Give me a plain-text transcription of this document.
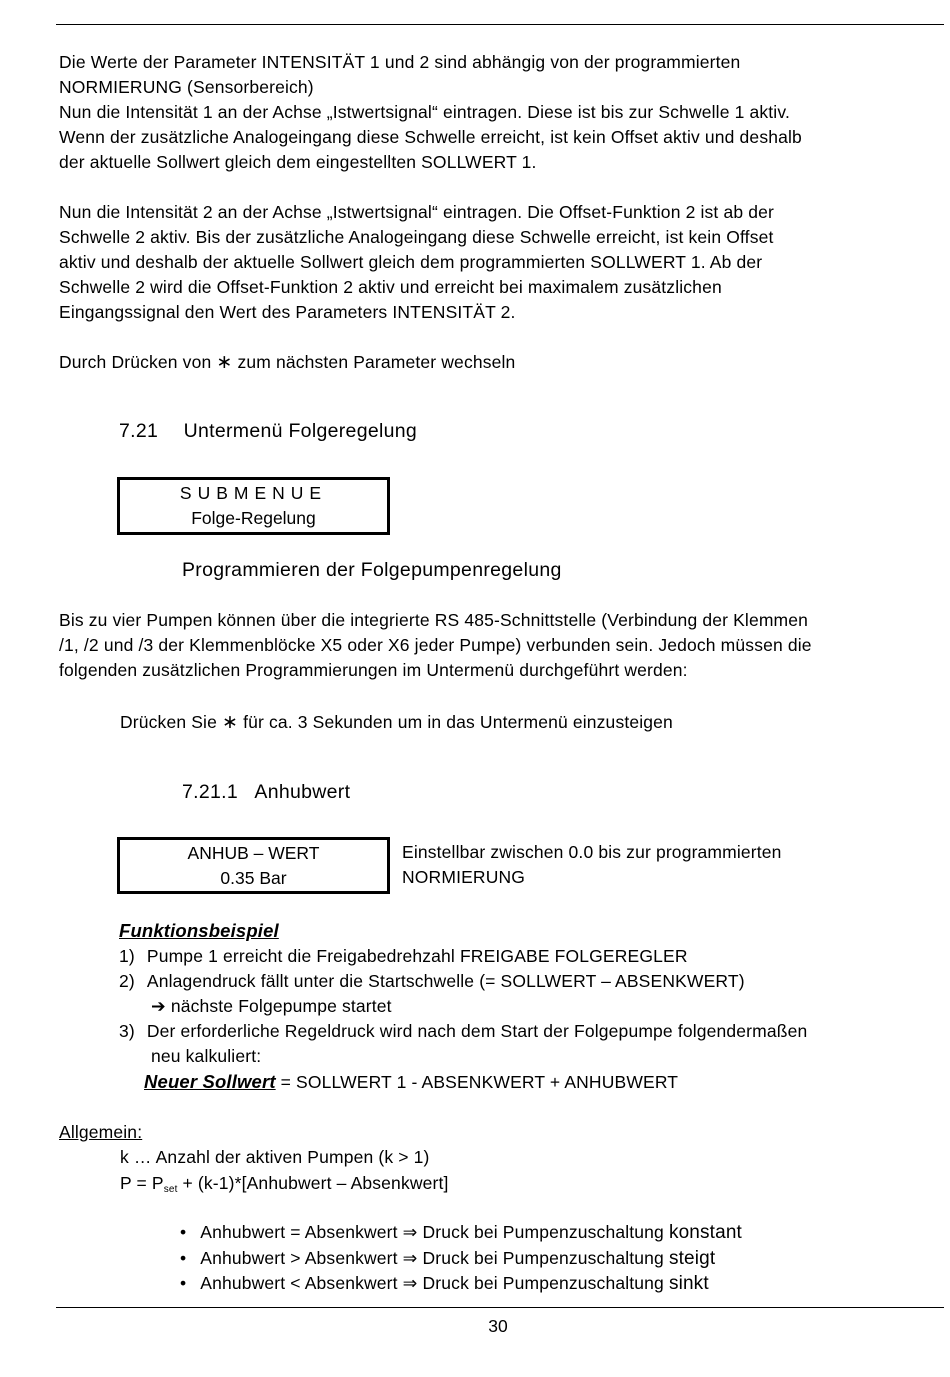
Die Werte der Parameter INTENSITÄT 1 und 2 sind abhängig von der programmierten
NORMIERUNG (Sensorbereich)
Nun die Intensität 1 an der Achse „Istwertsignal“ eintragen. Diese ist bis zur Schwelle 1 aktiv.
Wenn der zusätzliche Analogeingang diese Schwelle erreicht, ist kein Offset aktiv und deshalb
der aktuelle Sollwert gleich dem eingestellten SOLLWERT 1.
Nun die Intensität 2 an der Achse „Istwertsignal“ eintragen. Die Offset-Funktion 2 ist ab der
Schwelle 2 aktiv. Bis der zusätzliche Analogeingang diese Schwelle erreicht, ist kein Offset
aktiv und deshalb der aktuelle Sollwert gleich dem programmierten SOLLWERT 1. Ab der
Schwelle 2 wird die Offset-Funktion 2 aktiv und erreicht bei maximalem zusätzlichen
Eingangssignal den Wert des Parameters INTENSITÄT 2.
Durch Drücken von ∗ zum nächsten Parameter wechseln
7.21 Untermenü Folgeregelung
SUBMENUE
Folge-Regelung
Programmieren der Folgepumpenregelung
Bis zu vier Pumpen können über die integrierte RS 485-Schnittstelle (Verbindung der Klemmen
/1, /2 und /3 der Klemmenblöcke X5 oder X6 jeder Pumpe) verbunden sein. Jedoch müssen die
folgenden zusätzlichen Programmierungen im Untermenü durchgeführt werden:
Drücken Sie ∗ für ca. 3 Sekunden um in das Untermenü einzusteigen
7.21.1 Anhubwert
ANHUB – WERT
0.35 Bar
Einstellbar zwischen 0.0 bis zur programmierten
NORMIERUNG
Funktionsbeispiel
1) Pumpe 1 erreicht die Freigabedrehzahl FREIGABE FOLGEREGLER
2) Anlagendruck fällt unter die Startschwelle (= SOLLWERT – ABSENKWERT)
➔ nächste Folgepumpe startet
3) Der erforderliche Regeldruck wird nach dem Start der Folgepumpe folgendermaßen
neu kalkuliert:
Neuer Sollwert = SOLLWERT 1 - ABSENKWERT + ANHUBWERT
Allgemein:
k … Anzahl der aktiven Pumpen (k > 1)
$P = P_{set}$ + (k-1)*[Anhubwert – Absenkwert]
• Anhubwert = Absenkwert ⇒ Druck bei Pumpenzuschaltung konstant
• Anhubwert > Absenkwert ⇒ Druck bei Pumpenzuschaltung steigt
• Anhubwert < Absenkwert ⇒ Druck bei Pumpenzuschaltung sinkt
30
